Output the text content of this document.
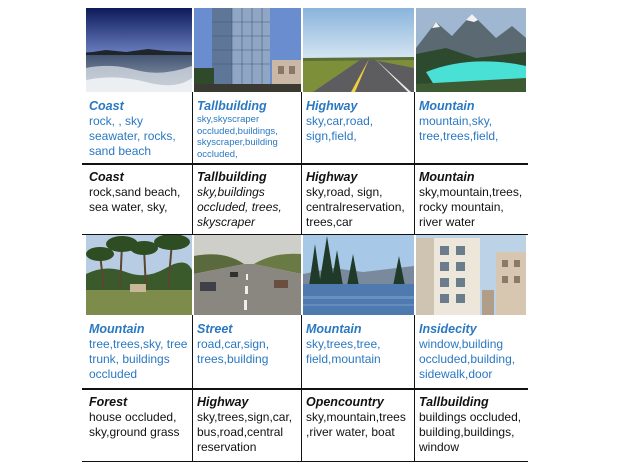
Coast
rock, , sky seawater, rocks, sand beach
Tallbuilding
sky,skyscraper occluded,buildings, skyscraper,building occluded,
Highway
sky,car,road, sign,field,
Mountain
mountain,sky, tree,trees,field,
Coast
rock,sand beach, sea water, sky,
Tallbuilding
sky,buildings occluded, trees, skyscraper
Highway
sky,road, sign, centralreservation, trees,car
Mountain
sky,mountain,trees, rocky mountain, river water
Mountain
tree,trees,sky, tree trunk, buildings occluded
Street
road,car,sign, trees,building
Mountain
sky,trees,tree, field,mountain
Insidecity
window,building occluded,building, sidewalk,door
Forest
house occluded, sky,ground grass
Highway
sky,trees,sign,car, bus,road,central reservation
Opencountry
sky,mountain,trees ,river water, boat
Tallbuilding
buildings occluded, building,buildings, window
